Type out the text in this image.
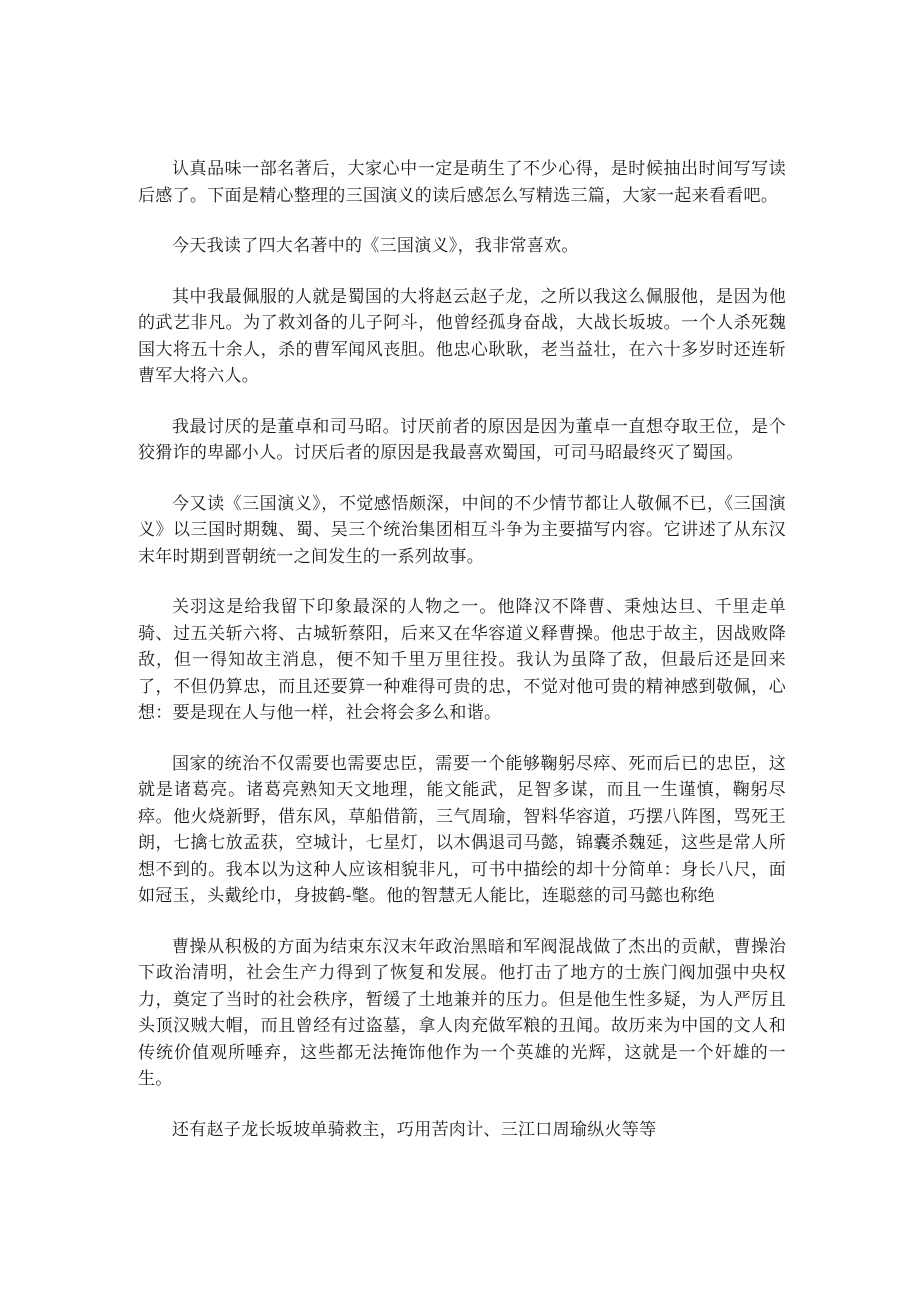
认真品味一部名著后，大家心中一定是萌生了不少心得，是时候抽出时间写写读后感了。下面是精心整理的三国演义的读后感怎么写精选三篇，大家一起来看看吧。

今天我读了四大名著中的《三国演义》，我非常喜欢。

其中我最佩服的人就是蜀国的大将赵云赵子龙，之所以我这么佩服他，是因为他的武艺非凡。为了救刘备的儿子阿斗，他曾经孤身奋战，大战长坂坡。一个人杀死魏国大将五十余人，杀的曹军闻风丧胆。他忠心耿耿，老当益壮，在六十多岁时还连斩曹军大将六人。

我最讨厌的是董卓和司马昭。讨厌前者的原因是因为董卓一直想夺取王位，是个狡猾诈的卑鄙小人。讨厌后者的原因是我最喜欢蜀国，可司马昭最终灭了蜀国。

今又读《三国演义》，不觉感悟颇深，中间的不少情节都让人敬佩不已，《三国演义》以三国时期魏、蜀、吴三个统治集团相互斗争为主要描写内容。它讲述了从东汉末年时期到晋朝统一之间发生的一系列故事。

关羽这是给我留下印象最深的人物之一。他降汉不降曹、秉烛达旦、千里走单骑、过五关斩六将、古城斩蔡阳，后来又在华容道义释曹操。他忠于故主，因战败降敌，但一得知故主消息，便不知千里万里往投。我认为虽降了敌，但最后还是回来了，不但仍算忠，而且还要算一种难得可贵的忠，不觉对他可贵的精神感到敬佩，心想：要是现在人与他一样，社会将会多么和谐。

国家的统治不仅需要也需要忠臣，需要一个能够鞠躬尽瘁、死而后已的忠臣，这就是诸葛亮。诸葛亮熟知天文地理，能文能武，足智多谋，而且一生谨慎，鞠躬尽瘁。他火烧新野，借东风，草船借箭，三气周瑜，智料华容道，巧摆八阵图，骂死王朗，七擒七放孟获，空城计，七星灯，以木偶退司马懿，锦囊杀魏延，这些是常人所想不到的。我本以为这种人应该相貌非凡，可书中描绘的却十分简单：身长八尺，面如冠玉，头戴纶巾，身披鹤-氅。他的智慧无人能比，连聪慈的司马懿也称绝

曹操从积极的方面为结束东汉末年政治黑暗和军阀混战做了杰出的贡献，曹操治下政治清明，社会生产力得到了恢复和发展。他打击了地方的士族门阀加强中央权力，奠定了当时的社会秩序，暂缓了土地兼并的压力。但是他生性多疑，为人严厉且头顶汉贼大帽，而且曾经有过盗墓，拿人肉充做军粮的丑闻。故历来为中国的文人和传统价值观所唾弃，这些都无法掩饰他作为一个英雄的光辉，这就是一个奸雄的一生。

还有赵子龙长坂坡单骑救主，巧用苦肉计、三江口周瑜纵火等等
